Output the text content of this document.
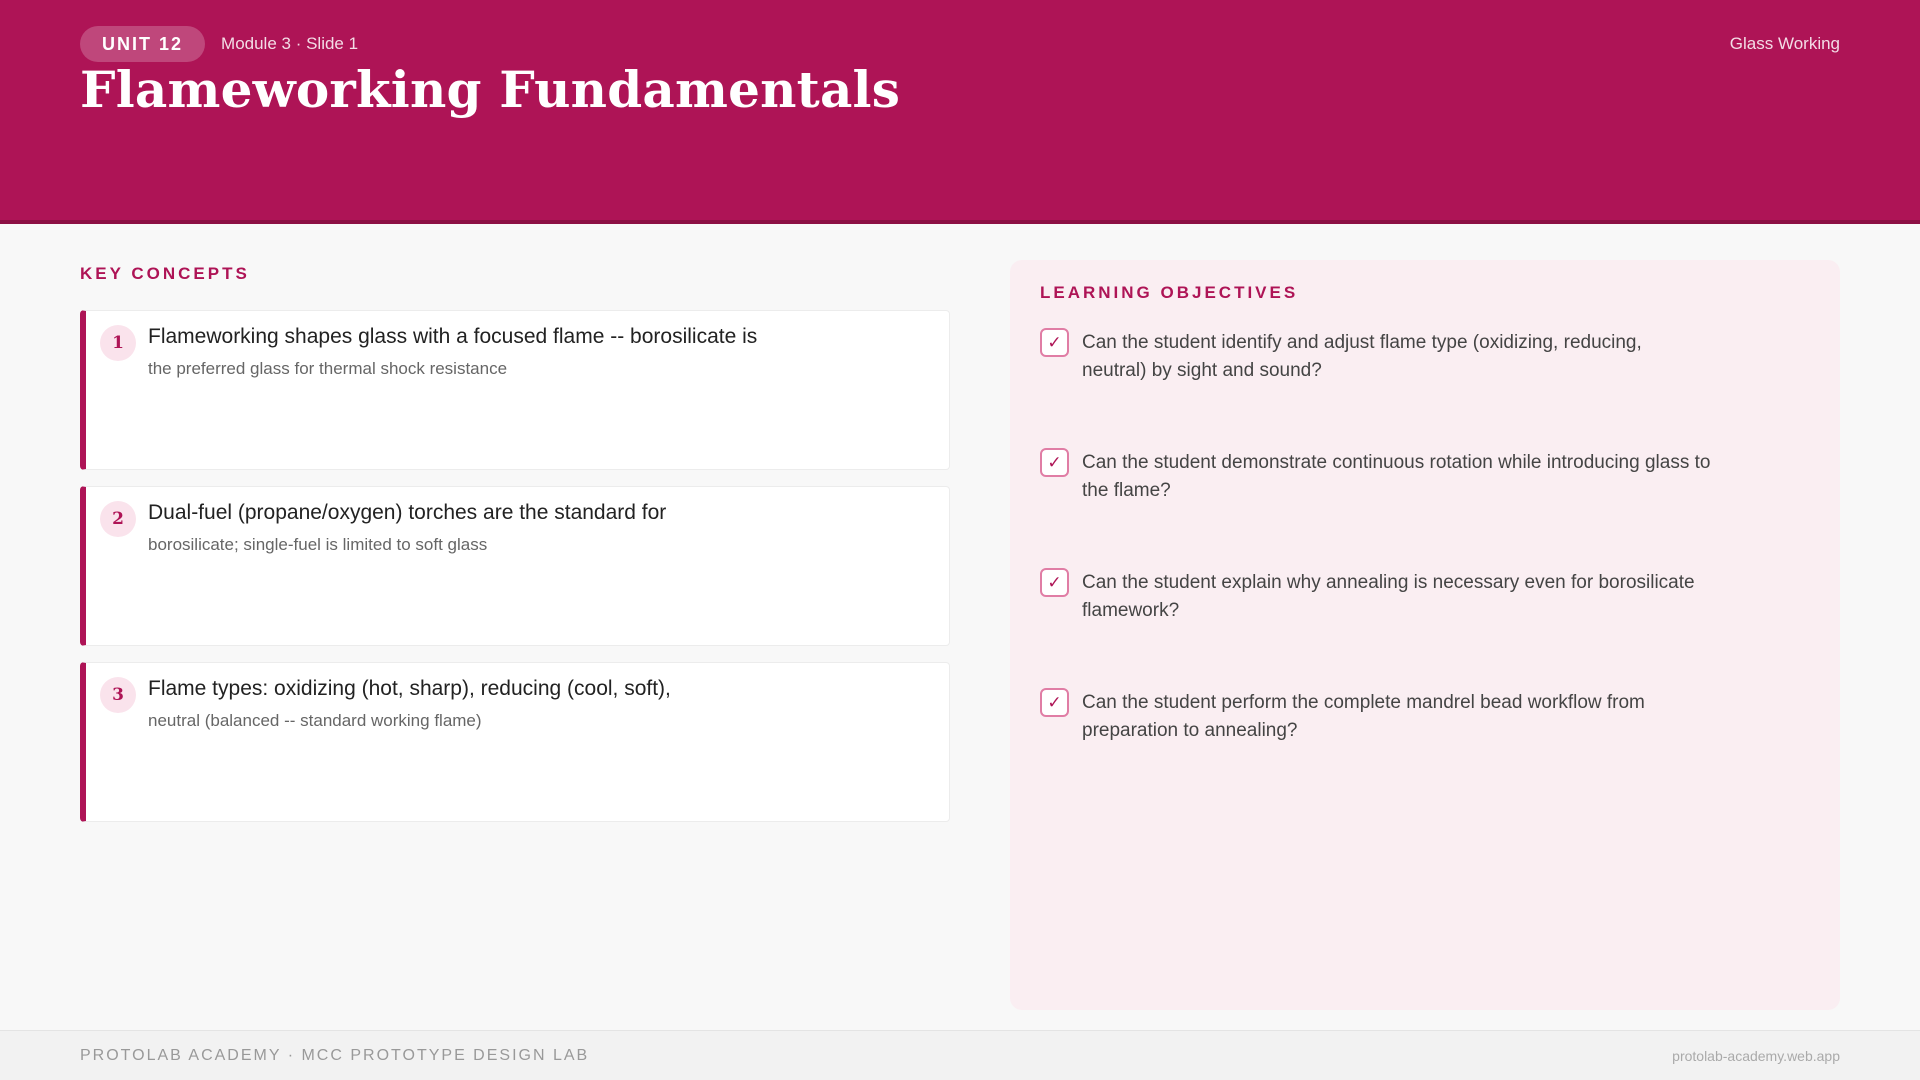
UNIT 12	Module 3 · Slide 1	Glass Working
Flameworking Fundamentals
KEY CONCEPTS
1	Flameworking shapes glass with a focused flame -- borosilicate is
the preferred glass for thermal shock resistance
2	Dual-fuel (propane/oxygen) torches are the standard for
borosilicate; single-fuel is limited to soft glass
3	Flame types: oxidizing (hot, sharp), reducing (cool, soft),
neutral (balanced -- standard working flame)
LEARNING OBJECTIVES
✓	Can the student identify and adjust flame type (oxidizing, reducing,
neutral) by sight and sound?
✓	Can the student demonstrate continuous rotation while introducing glass to
the flame?
✓	Can the student explain why annealing is necessary even for borosilicate
flamework?
✓	Can the student perform the complete mandrel bead workflow from
preparation to annealing?
PROTOLAB ACADEMY · MCC PROTOTYPE DESIGN LAB	protolab-academy.web.app
